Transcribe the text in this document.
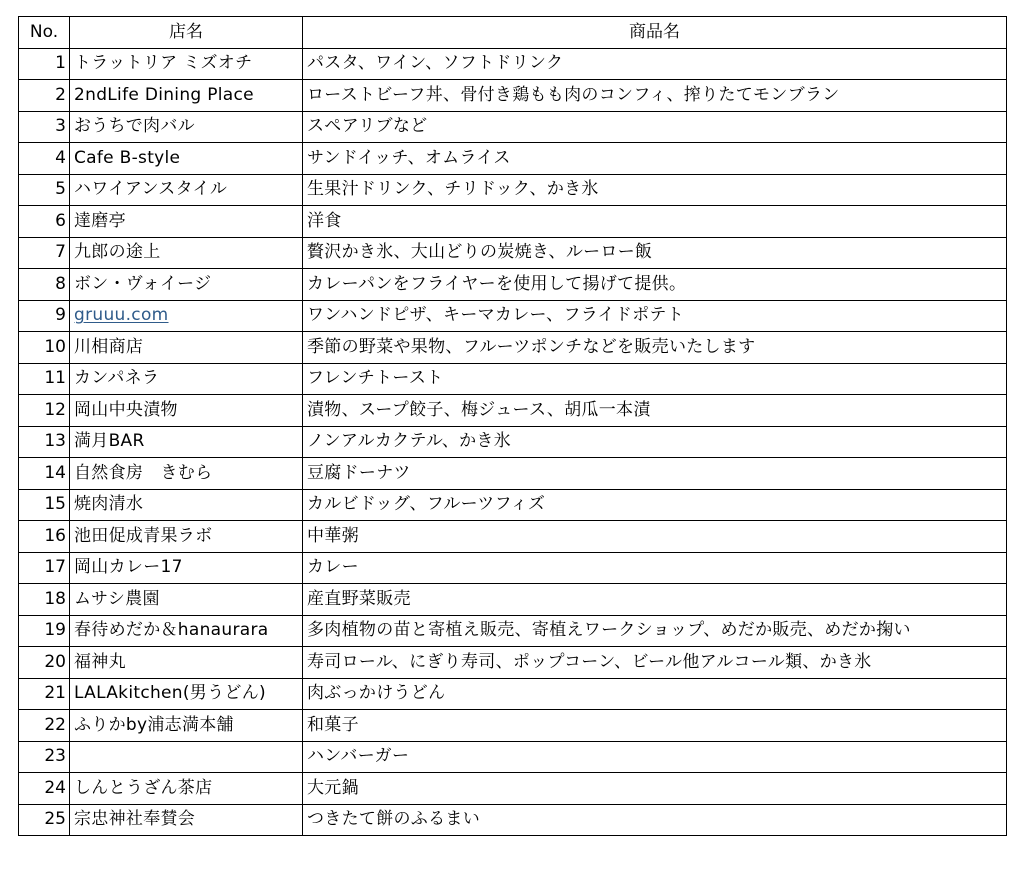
No.	店名	商品名
1	トラットリア ミズオチ	パスタ、ワイン、ソフトドリンク
2	2ndLife Dining Place	ローストビーフ丼、骨付き鶏もも肉のコンフィ、搾りたてモンブラン
3	おうちで肉バル	スペアリブなど
4	Cafe B-style	サンドイッチ、オムライス
5	ハワイアンスタイル	生果汁ドリンク、チリドック、かき氷
6	達磨亭	洋食
7	九郎の途上	贅沢かき氷、大山どりの炭焼き、ルーロー飯
8	ボン・ヴォイージ	カレーパンをフライヤーを使用して揚げて提供。
9	gruuu.com	ワンハンドピザ、キーマカレー、フライドポテト
10	川相商店	季節の野菜や果物、フルーツポンチなどを販売いたします
11	カンパネラ	フレンチトースト
12	岡山中央漬物	漬物、スープ餃子、梅ジュース、胡瓜一本漬
13	満月BAR	ノンアルカクテル、かき氷
14	自然食房　きむら	豆腐ドーナツ
15	焼肉清水	カルビドッグ、フルーツフィズ
16	池田促成青果ラボ	中華粥
17	岡山カレー17	カレー
18	ムサシ農園	産直野菜販売
19	春待めだか＆hanaurara	多肉植物の苗と寄植え販売、寄植えワークショップ、めだか販売、めだか掬い
20	福神丸	寿司ロール、にぎり寿司、ポップコーン、ビール他アルコール類、かき氷
21	LALAkitchen(男うどん)	肉ぶっかけうどん
22	ふりかby浦志満本舗	和菓子
23		ハンバーガー
24	しんとうざん茶店	大元鍋
25	宗忠神社奉賛会	つきたて餅のふるまい
